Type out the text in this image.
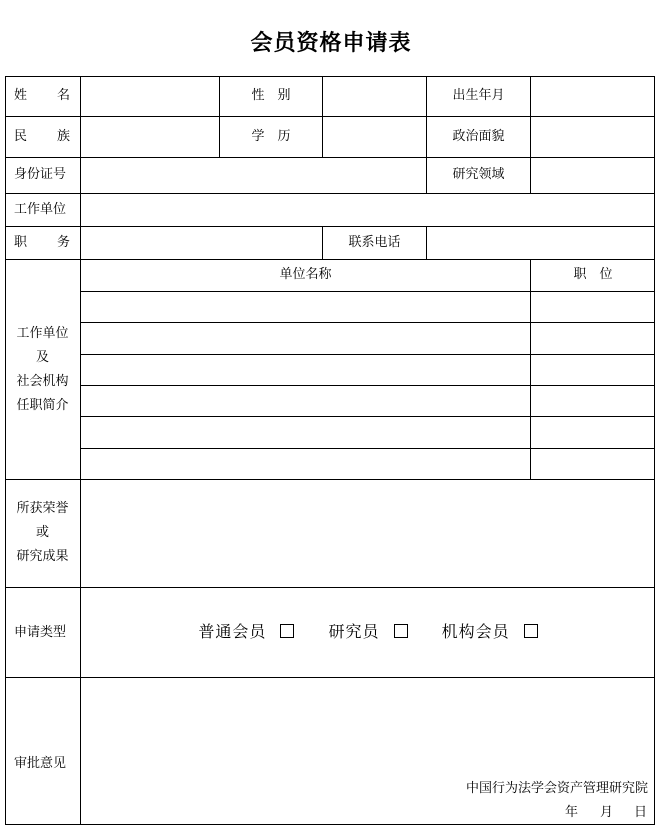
会员资格申请表
姓　名	性　别	出生年月
民　族	学　历	政治面貌
身份证号	研究领域
工作单位
职　务	联系电话
工作单位
及
社会机构
任职简介
单位名称	职　位
所获荣誉
或
研究成果
申请类型	普通会员	研究员	机构会员
审批意见
中国行为法学会资产管理研究院
年 月 日
